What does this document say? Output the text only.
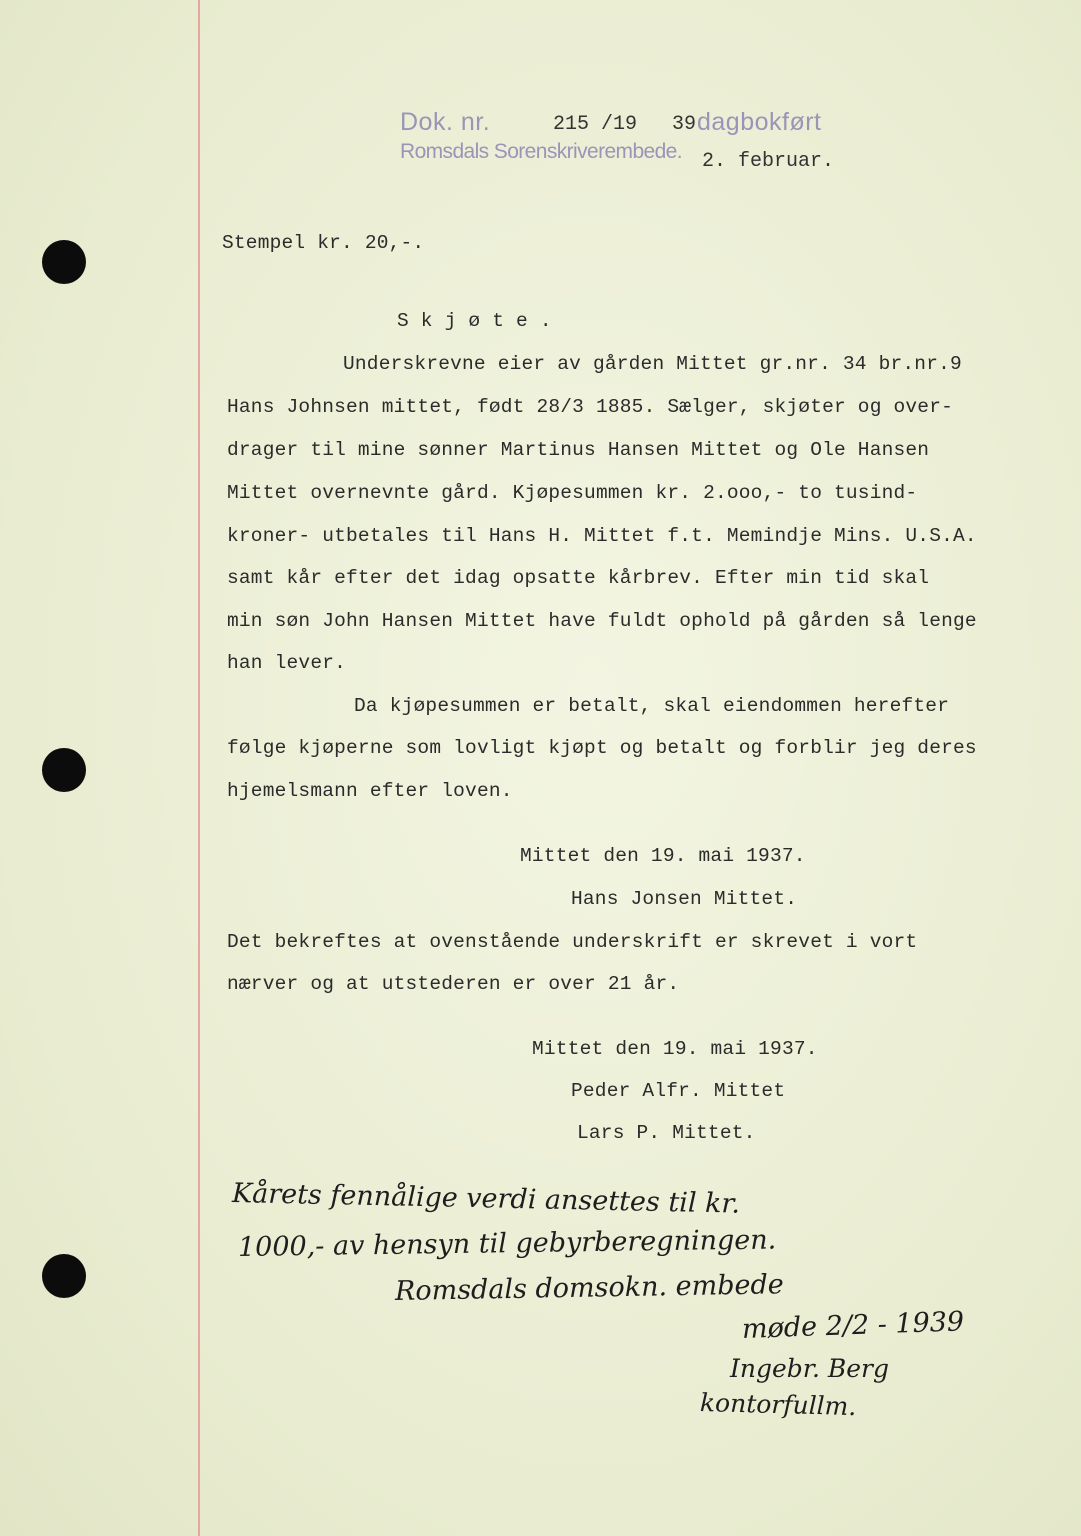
Dok. nr.	215 /19 39 dagbokført
Romsdals Sorenskriverembede. 2. februar.
Stempel kr. 20,-.
S k j ø t e .
Underskrevne eier av gården Mittet gr.nr. 34 br.nr.9
Hans Johnsen mittet, født 28/3 1885. Sælger, skjøter og over-
drager til mine sønner Martinus Hansen Mittet og Ole Hansen
Mittet overnevnte gård. Kjøpesummen kr. 2.ooo,- to tusind-
kroner- utbetales til Hans H. Mittet f.t. Memindje Mins. U.S.A.
samt kår efter det idag opsatte kårbrev. Efter min tid skal
min søn John Hansen Mittet have fuldt ophold på gården så lenge
han lever.
Da kjøpesummen er betalt, skal eiendommen herefter
følge kjøperne som lovligt kjøpt og betalt og forblir jeg deres
hjemelsmann efter loven.
Mittet den 19. mai 1937.
Hans Jonsen Mittet.
Det bekreftes at ovenstående underskrift er skrevet i vort
nærver og at utstederen er over 21 år.
Mittet den 19. mai 1937.
Peder Alfr. Mittet
Lars P. Mittet.
Kårets fennålige verdi ansettes til kr.
1000,- av hensyn til gebyrberegningen.
Romsdals domsokn. embede
møde 2/2 - 1939
Ingebr. Berg
kontorfullm.
